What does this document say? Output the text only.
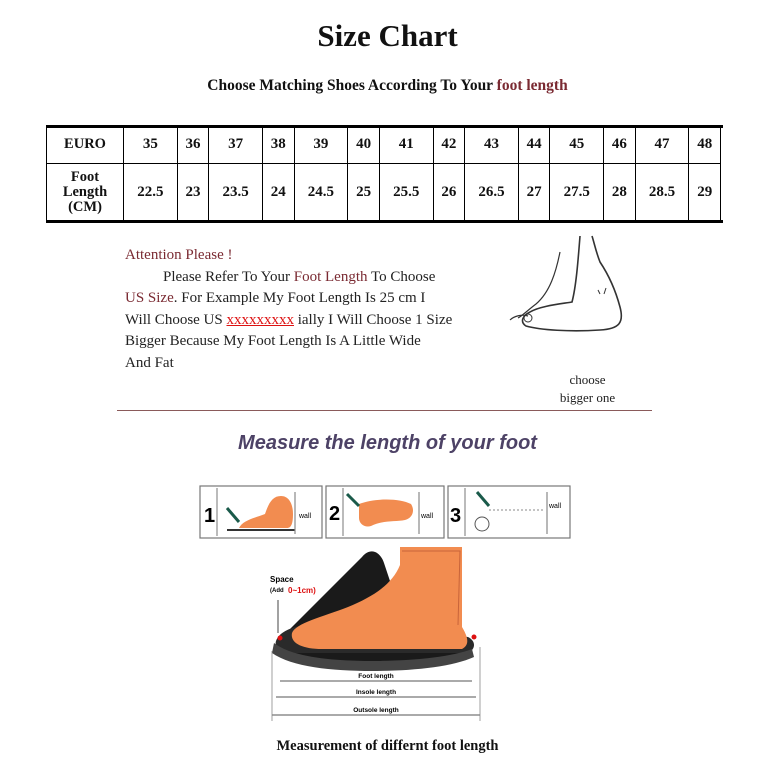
Size Chart
Choose Matching Shoes According To Your foot length
EURO	35	36	37	38	39	40	41	42	43	44	45	46	47	48

Foot
Length
(CM)	22.5	23	23.5	24	24.5	25	25.5	26	26.5	27	27.5	28	28.5	29
Attention Please !
Please Refer To Your Foot Length To Choose
US Size. For Example My Foot Length Is 25 cm I
Will Choose US xxxxxxxxx ially I Will Choose 1 Size
Bigger Because My Foot Length Is A Little Wide
And Fat
choose
bigger one
Measure the length of your foot
1	wall 2	wall 3	wall
Space
(Add 0~1cm)
Foot length
Insole length
Outsole length
Measurement of differnt foot length
